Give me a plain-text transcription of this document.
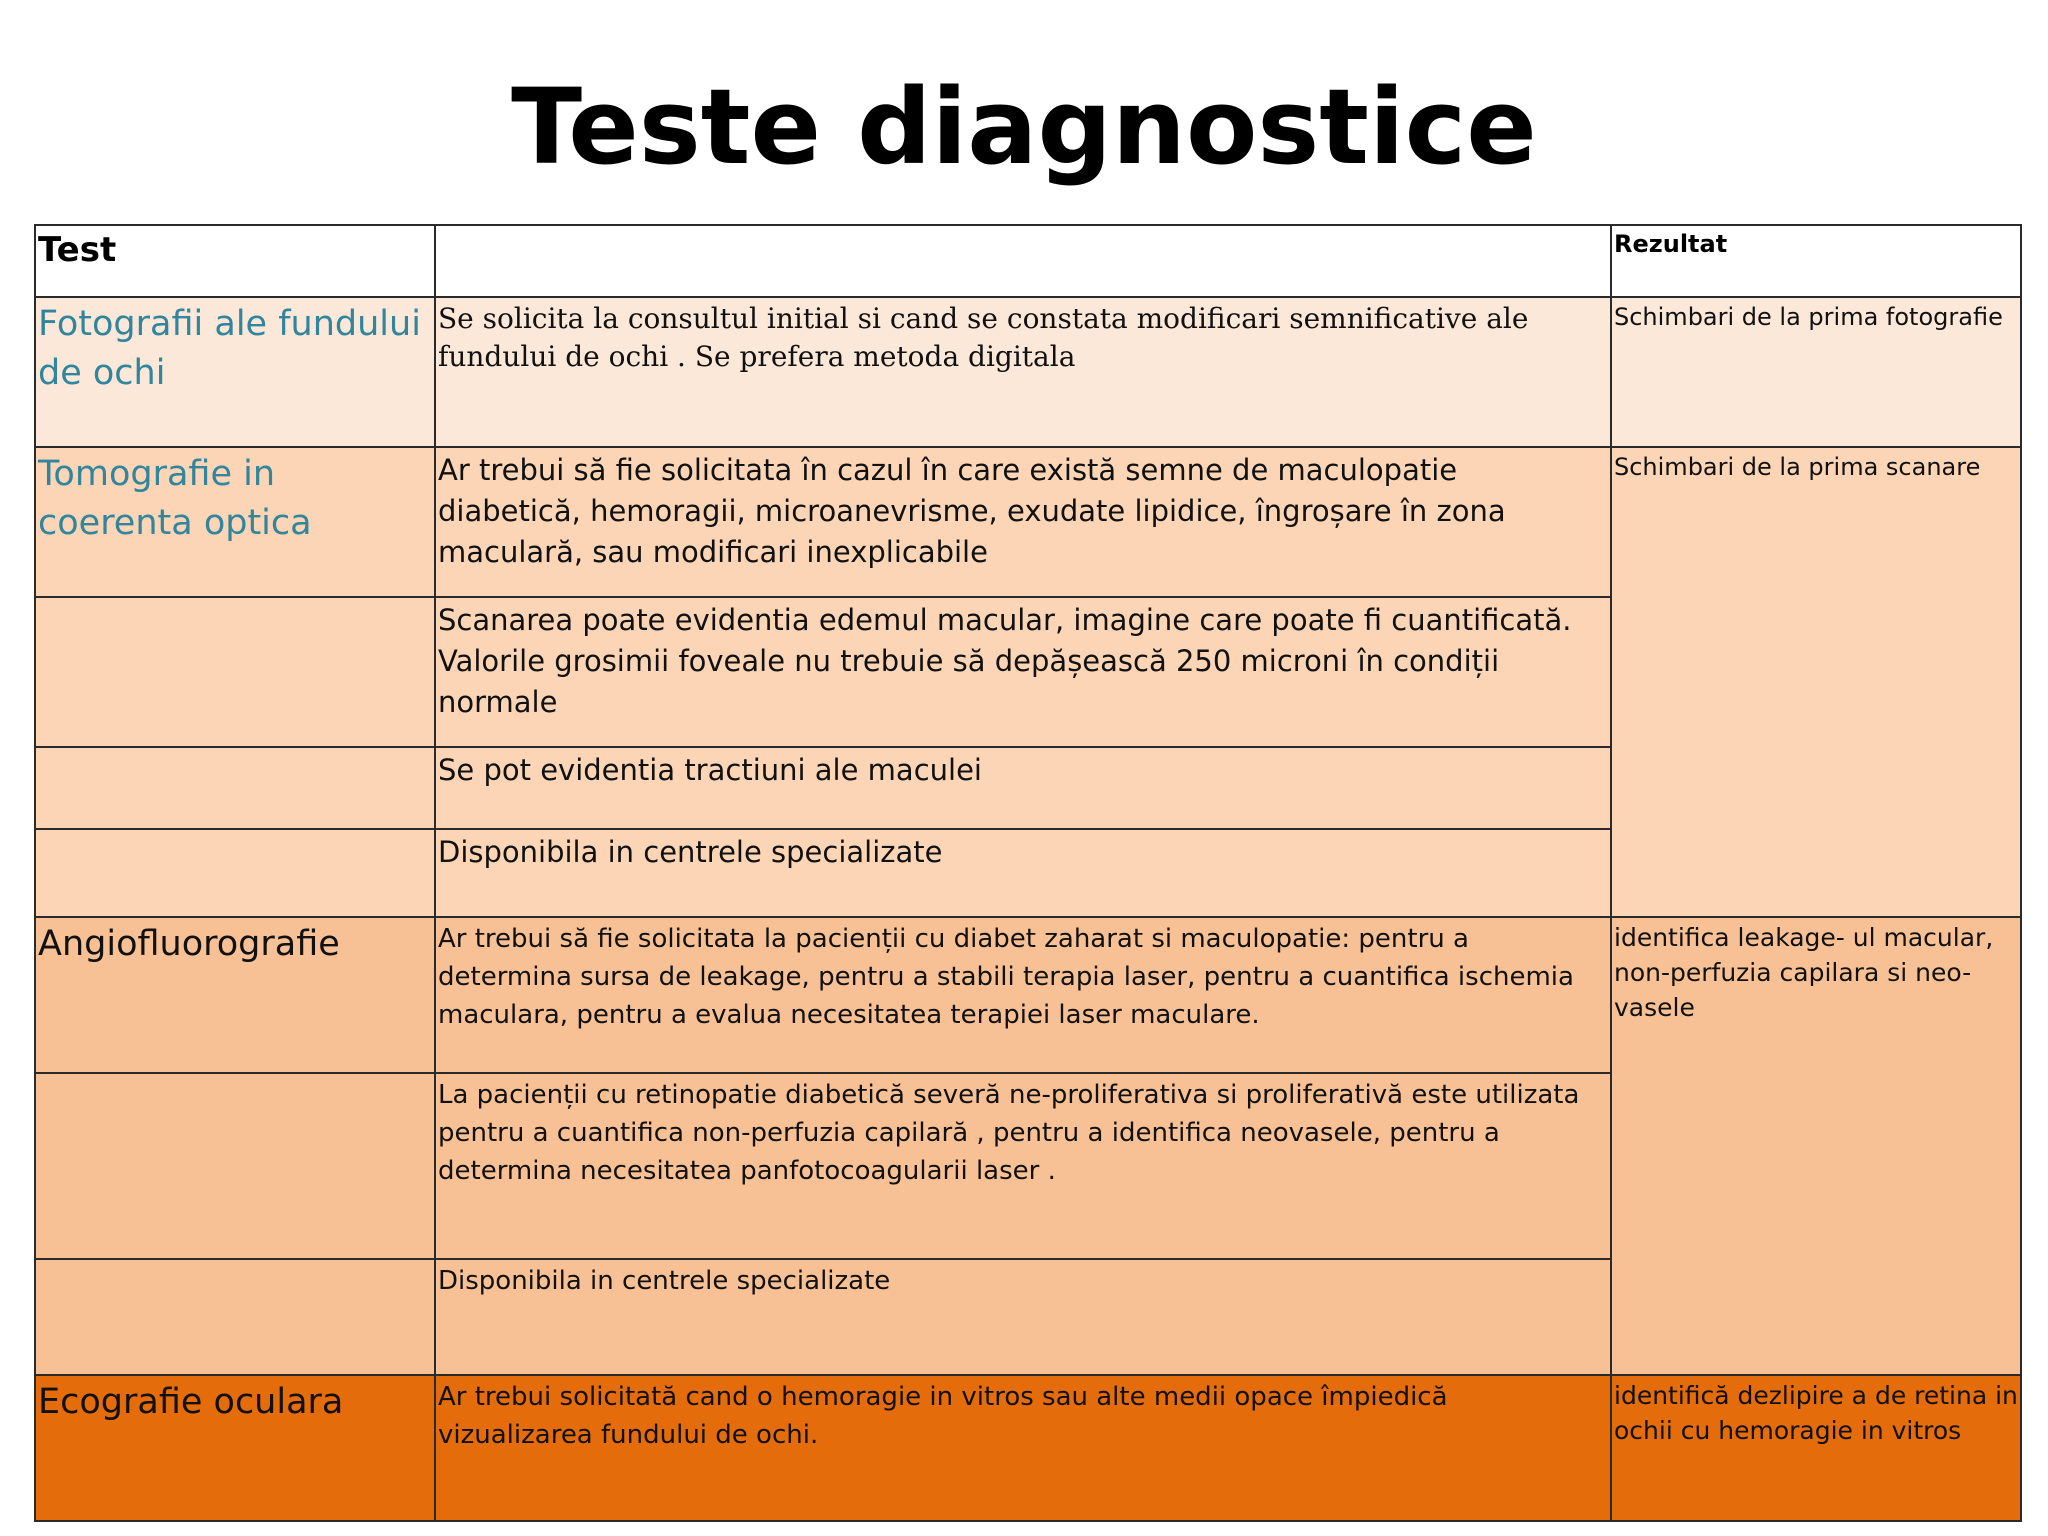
Teste diagnostice
Test		Rezultat
Fotografii ale fundului de ochi	Se solicita la consultul initial si cand se constata modificari semnificative ale fundului de ochi . Se prefera metoda digitala	Schimbari de la prima fotografie
Tomografie in coerenta optica	Ar trebui să fie solicitata în cazul în care există semne de maculopatie diabetică, hemoragii, microanevrisme, exudate lipidice, îngroșare în zona maculară, sau modificari inexplicabile	Schimbari de la prima scanare
	Scanarea poate evidentia edemul macular, imagine care poate fi cuantificată. Valorile grosimii foveale nu trebuie să depășească 250 microni în condiții normale	
	Se pot evidentia tractiuni ale maculei	
	Disponibila in centrele specializate	
Angiofluorografie	Ar trebui să fie solicitata la pacienții cu diabet zaharat si maculopatie: pentru a determina sursa de leakage, pentru a stabili terapia laser, pentru a cuantifica ischemia maculara, pentru a evalua necesitatea terapiei laser maculare.	identifica leakage- ul macular, non-perfuzia capilara si neo-vasele
	La pacienții cu retinopatie diabetică severă ne-proliferativa si proliferativă este utilizata pentru a cuantifica non-perfuzia capilară , pentru a identifica neovasele, pentru a determina necesitatea panfotocoagularii laser .	
	Disponibila in centrele specializate	
Ecografie oculara	Ar trebui solicitată cand o hemoragie in vitros sau alte medii opace împiedică vizualizarea fundului de ochi.	identifică dezlipire a de retina in ochii cu hemoragie in vitros
